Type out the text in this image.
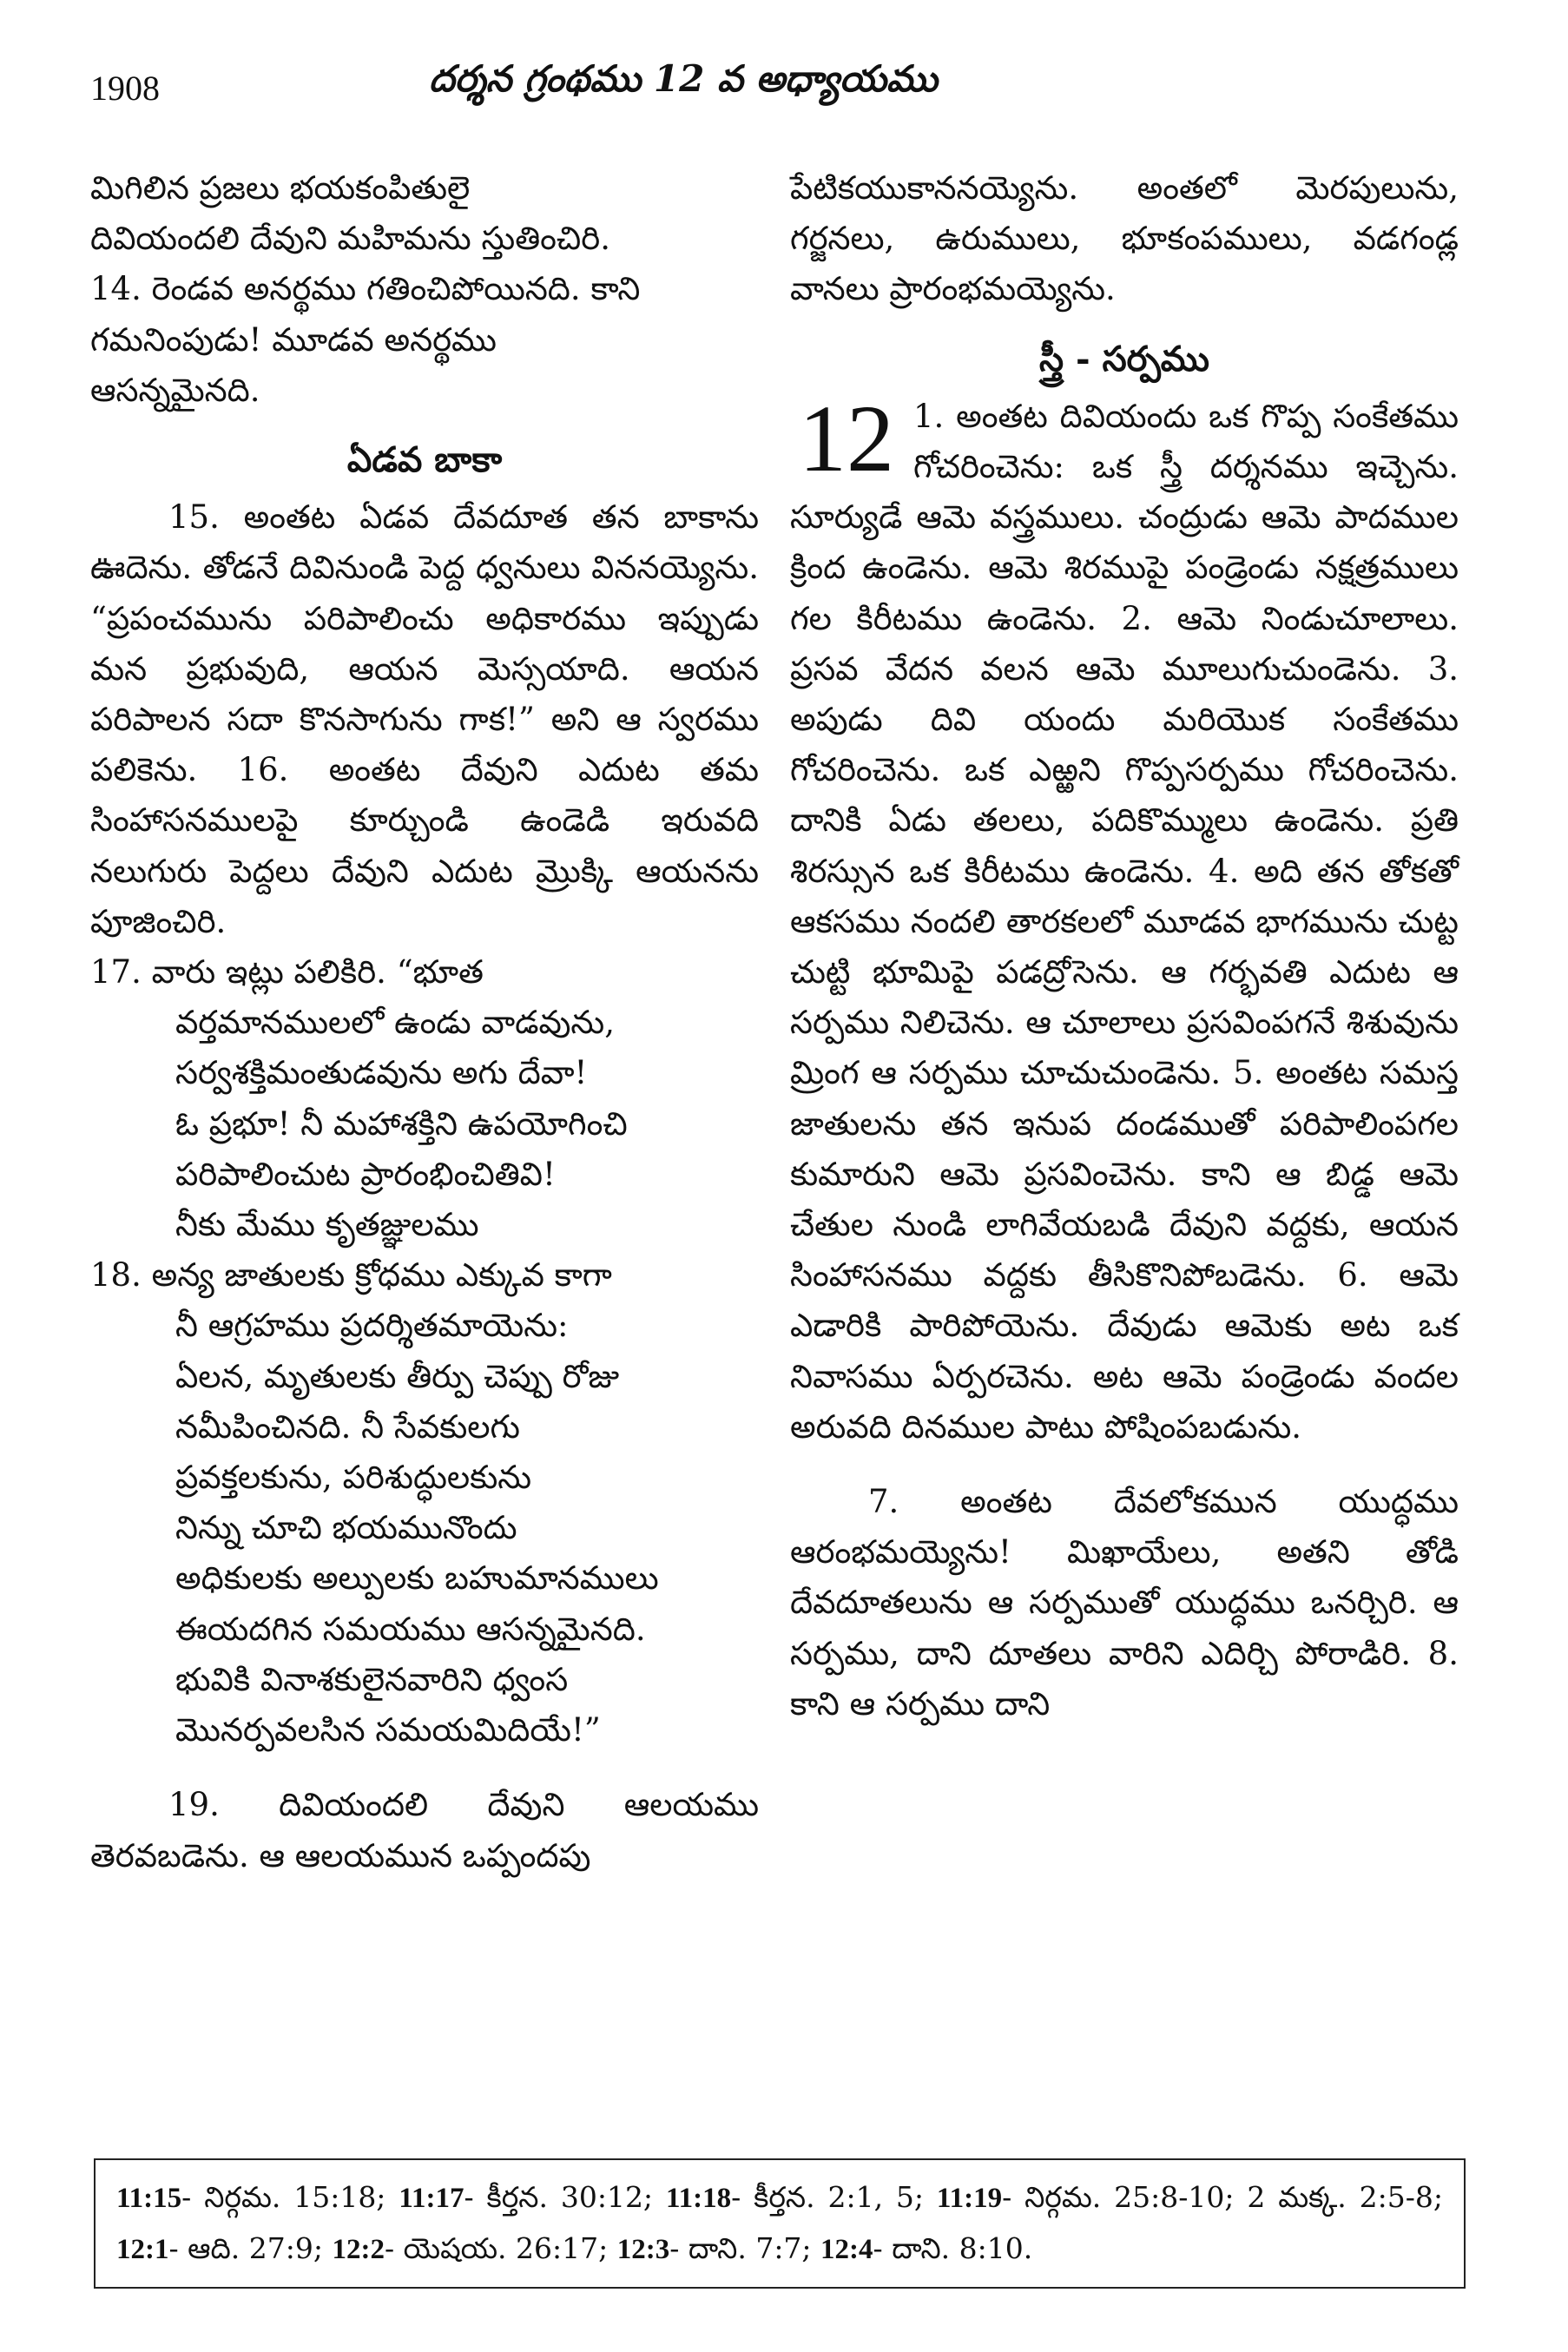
1908	దర్శన గ్రంథము 12 వ అధ్యాయము

మిగిలిన ప్రజలు భయకంపితులై

దివియందలి దేవుని మహిమను స్తుతించిరి.

14. రెండవ అనర్థము గతించిపోయినది. కాని

గమనింపుడు! మూడవ అనర్థము

ఆసన్నమైనది.

ఏడవ బాకా

15. అంతట ఏడవ దేవదూత తన బాకాను ఊదెను. తోడనే దివినుండి పెద్ద ధ్వనులు విననయ్యెను. “ప్రపంచమును పరిపాలించు అధికారము ఇప్పుడు మన ప్రభువుది, ఆయన మెస్సయాది. ఆయన పరిపాలన సదా కొనసాగును గాక!” అని ఆ స్వరము పలికెను. 16. అంతట దేవుని ఎదుట తమ సింహాసనములపై కూర్చుండి ఉండెడి ఇరువది నలుగురు పెద్దలు దేవుని ఎదుట మ్రొక్కి ఆయనను పూజించిరి.

17. వారు ఇట్లు పలికిరి. “భూత
వర్తమానములలో ఉండు వాడవును,
సర్వశక్తిమంతుడవును అగు దేవా!
ఓ ప్రభూ! నీ మహాశక్తిని ఉపయోగించి
పరిపాలించుట ప్రారంభించితివి!
నీకు మేము కృతజ్ఞులము
18. అన్య జాతులకు క్రోధము ఎక్కువ కాగా
నీ ఆగ్రహము ప్రదర్శితమాయెను:
ఏలన, మృతులకు తీర్పు చెప్పు రోజు
నమీపించినది. నీ సేవకులగు
ప్రవక్తలకును, పరిశుద్ధులకును
నిన్ను చూచి భయమునొందు
అధికులకు అల్పులకు బహుమానములు
ఈయదగిన సమయము ఆసన్నమైనది.
భువికి వినాశకులైనవారిని ధ్వంస
మొనర్పవలసిన సమయమిదియే!”

19. దివియందలి దేవుని ఆలయము తెరవబడెను. ఆ ఆలయమున ఒప్పందపు

పేటికయుకాననయ్యెను. అంతలో మెరపులును, గర్జనలు, ఉరుములు, భూకంపములు, వడగండ్ల వానలు ప్రారంభమయ్యెను.

స్త్రీ - సర్పము
12 1. అంతట దివియందు ఒక గొప్ప సంకేతము గోచరించెను: ఒక స్త్రీ దర్శనము ఇచ్చెను. సూర్యుడే ఆమె వస్త్రములు. చంద్రుడు ఆమె పాదముల క్రింద ఉండెను. ఆమె శిరముపై పండ్రెండు నక్షత్రములు గల కిరీటము ఉండెను. 2. ఆమె నిండుచూలాలు. ప్రసవ వేదన వలన ఆమె మూలుగుచుండెను. 3. అపుడు దివి యందు మరియొక సంకేతము గోచరించెను. ఒక ఎఱ్ఱని గొప్పసర్పము గోచరించెను. దానికి ఏడు తలలు, పదికొమ్ములు ఉండెను. ప్రతి శిరస్సున ఒక కిరీటము ఉండెను. 4. అది తన తోకతో ఆకసము నందలి తారకలలో మూడవ భాగమును చుట్ట చుట్టి భూమిపై పడద్రోసెను. ఆ గర్భవతి ఎదుట ఆ సర్పము నిలిచెను. ఆ చూలాలు ప్రసవింపగనే శిశువును మ్రింగ ఆ సర్పము చూచుచుండెను. 5. అంతట సమస్త జాతులను తన ఇనుప దండముతో పరిపాలింపగల కుమారుని ఆమె ప్రసవించెను. కాని ఆ బిడ్డ ఆమె చేతుల నుండి లాగివేయబడి దేవుని వద్దకు, ఆయన సింహాసనము వద్దకు తీసికొనిపోబడెను. 6. ఆమె ఎడారికి పారిపోయెను. దేవుడు ఆమెకు అట ఒక నివాసము ఏర్పరచెను. అట ఆమె పండ్రెండు వందల అరువది దినముల పాటు పోషింపబడును.

7. అంతట దేవలోకమున యుద్ధము ఆరంభమయ్యెను! మిఖాయేలు, అతని తోడి దేవదూతలును ఆ సర్పముతో యుద్ధము ఒనర్చిరి. ఆ సర్పము, దాని దూతలు వారిని ఎదిర్చి పోరాడిరి. 8. కాని ఆ సర్పము దాని

11:15- నిర్గమ. 15:18; 11:17- కీర్తన. 30:12; 11:18- కీర్తన. 2:1, 5; 11:19- నిర్గమ. 25:8-10; 2 మక్క. 2:5-8; 12:1- ఆది. 27:9; 12:2- యెషయ. 26:17; 12:3- దాని. 7:7; 12:4- దాని. 8:10.
